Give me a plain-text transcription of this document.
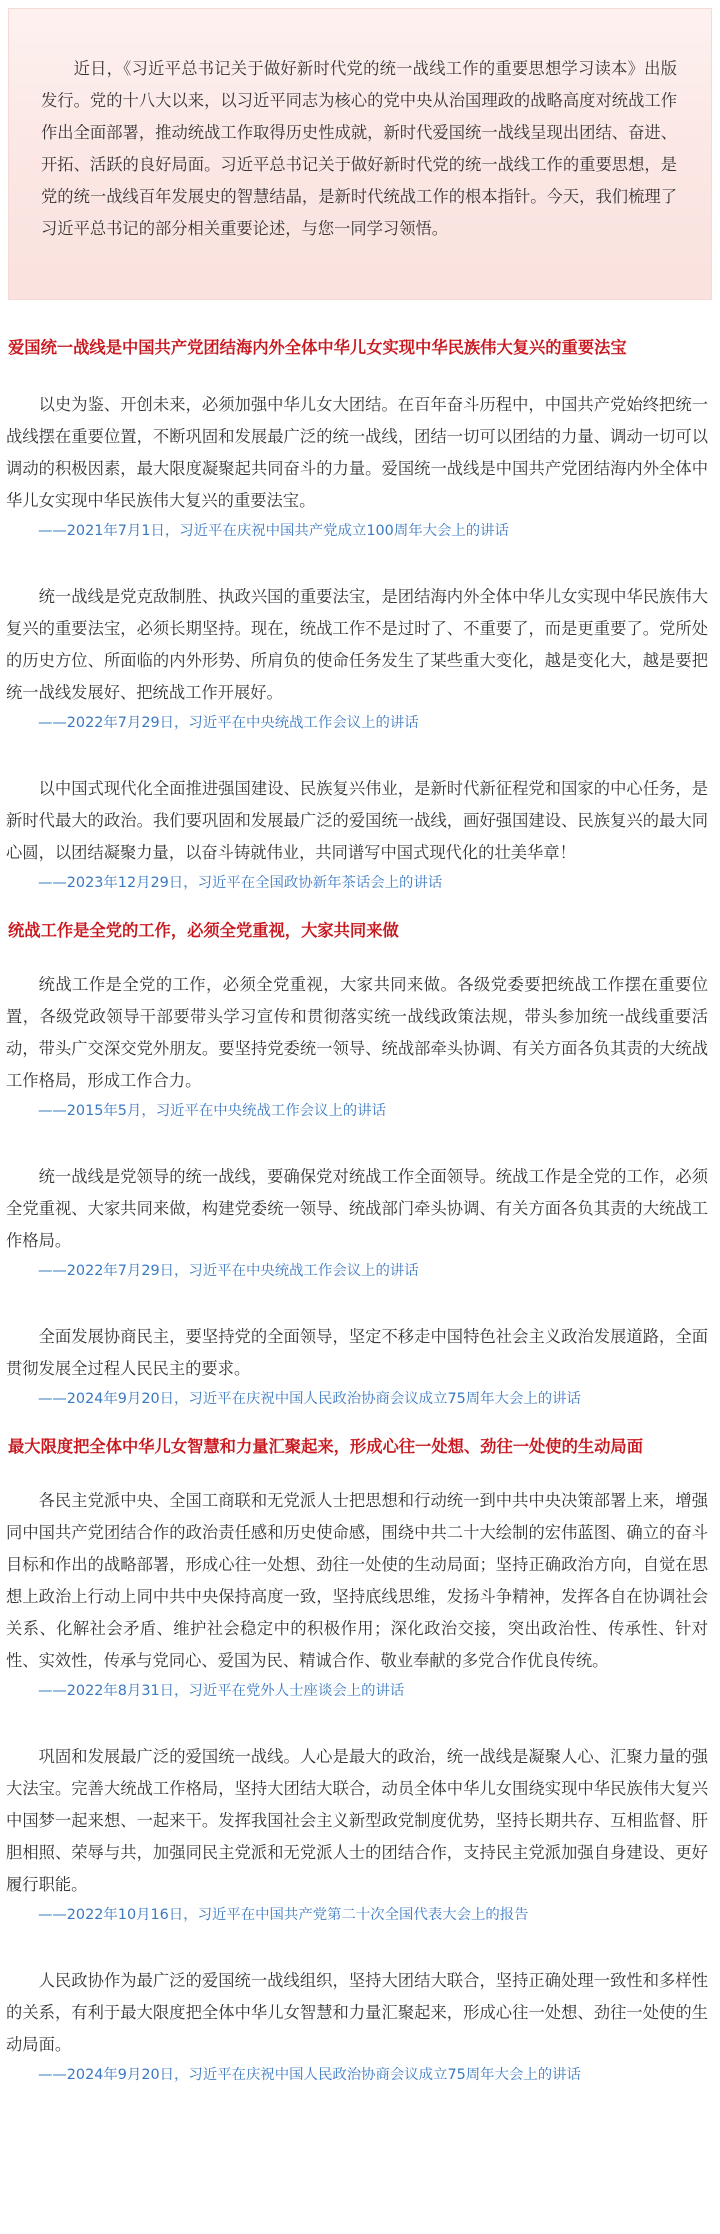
近日，《习近平总书记关于做好新时代党的统一战线工作的重要思想学习读本》出版发行。党的十八大以来，以习近平同志为核心的党中央从治国理政的战略高度对统战工作作出全面部署，推动统战工作取得历史性成就，新时代爱国统一战线呈现出团结、奋进、开拓、活跃的良好局面。习近平总书记关于做好新时代党的统一战线工作的重要思想，是党的统一战线百年发展史的智慧结晶，是新时代统战工作的根本指针。今天，我们梳理了习近平总书记的部分相关重要论述，与您一同学习领悟。

爱国统一战线是中国共产党团结海内外全体中华儿女实现中华民族伟大复兴的重要法宝

以史为鉴、开创未来，必须加强中华儿女大团结。在百年奋斗历程中，中国共产党始终把统一战线摆在重要位置，不断巩固和发展最广泛的统一战线，团结一切可以团结的力量、调动一切可以调动的积极因素，最大限度凝聚起共同奋斗的力量。爱国统一战线是中国共产党团结海内外全体中华儿女实现中华民族伟大复兴的重要法宝。

——2021年7月1日，习近平在庆祝中国共产党成立100周年大会上的讲话

统一战线是党克敌制胜、执政兴国的重要法宝，是团结海内外全体中华儿女实现中华民族伟大复兴的重要法宝，必须长期坚持。现在，统战工作不是过时了、不重要了，而是更重要了。党所处的历史方位、所面临的内外形势、所肩负的使命任务发生了某些重大变化，越是变化大，越是要把统一战线发展好、把统战工作开展好。

——2022年7月29日，习近平在中央统战工作会议上的讲话

以中国式现代化全面推进强国建设、民族复兴伟业，是新时代新征程党和国家的中心任务，是新时代最大的政治。我们要巩固和发展最广泛的爱国统一战线，画好强国建设、民族复兴的最大同心圆，以团结凝聚力量，以奋斗铸就伟业，共同谱写中国式现代化的壮美华章！

——2023年12月29日，习近平在全国政协新年茶话会上的讲话

统战工作是全党的工作，必须全党重视，大家共同来做

统战工作是全党的工作，必须全党重视，大家共同来做。各级党委要把统战工作摆在重要位置，各级党政领导干部要带头学习宣传和贯彻落实统一战线政策法规，带头参加统一战线重要活动，带头广交深交党外朋友。要坚持党委统一领导、统战部牵头协调、有关方面各负其责的大统战工作格局，形成工作合力。

——2015年5月，习近平在中央统战工作会议上的讲话

统一战线是党领导的统一战线，要确保党对统战工作全面领导。统战工作是全党的工作，必须全党重视、大家共同来做，构建党委统一领导、统战部门牵头协调、有关方面各负其责的大统战工作格局。

——2022年7月29日，习近平在中央统战工作会议上的讲话

全面发展协商民主，要坚持党的全面领导，坚定不移走中国特色社会主义政治发展道路，全面贯彻发展全过程人民民主的要求。

——2024年9月20日，习近平在庆祝中国人民政治协商会议成立75周年大会上的讲话

最大限度把全体中华儿女智慧和力量汇聚起来，形成心往一处想、劲往一处使的生动局面

各民主党派中央、全国工商联和无党派人士把思想和行动统一到中共中央决策部署上来，增强同中国共产党团结合作的政治责任感和历史使命感，围绕中共二十大绘制的宏伟蓝图、确立的奋斗目标和作出的战略部署，形成心往一处想、劲往一处使的生动局面；坚持正确政治方向，自觉在思想上政治上行动上同中共中央保持高度一致，坚持底线思维，发扬斗争精神，发挥各自在协调社会关系、化解社会矛盾、维护社会稳定中的积极作用；深化政治交接，突出政治性、传承性、针对性、实效性，传承与党同心、爱国为民、精诚合作、敬业奉献的多党合作优良传统。

——2022年8月31日，习近平在党外人士座谈会上的讲话

巩固和发展最广泛的爱国统一战线。人心是最大的政治，统一战线是凝聚人心、汇聚力量的强大法宝。完善大统战工作格局，坚持大团结大联合，动员全体中华儿女围绕实现中华民族伟大复兴中国梦一起来想、一起来干。发挥我国社会主义新型政党制度优势，坚持长期共存、互相监督、肝胆相照、荣辱与共，加强同民主党派和无党派人士的团结合作，支持民主党派加强自身建设、更好履行职能。

——2022年10月16日，习近平在中国共产党第二十次全国代表大会上的报告

人民政协作为最广泛的爱国统一战线组织，坚持大团结大联合，坚持正确处理一致性和多样性的关系，有利于最大限度把全体中华儿女智慧和力量汇聚起来，形成心往一处想、劲往一处使的生动局面。

——2024年9月20日，习近平在庆祝中国人民政治协商会议成立75周年大会上的讲话
